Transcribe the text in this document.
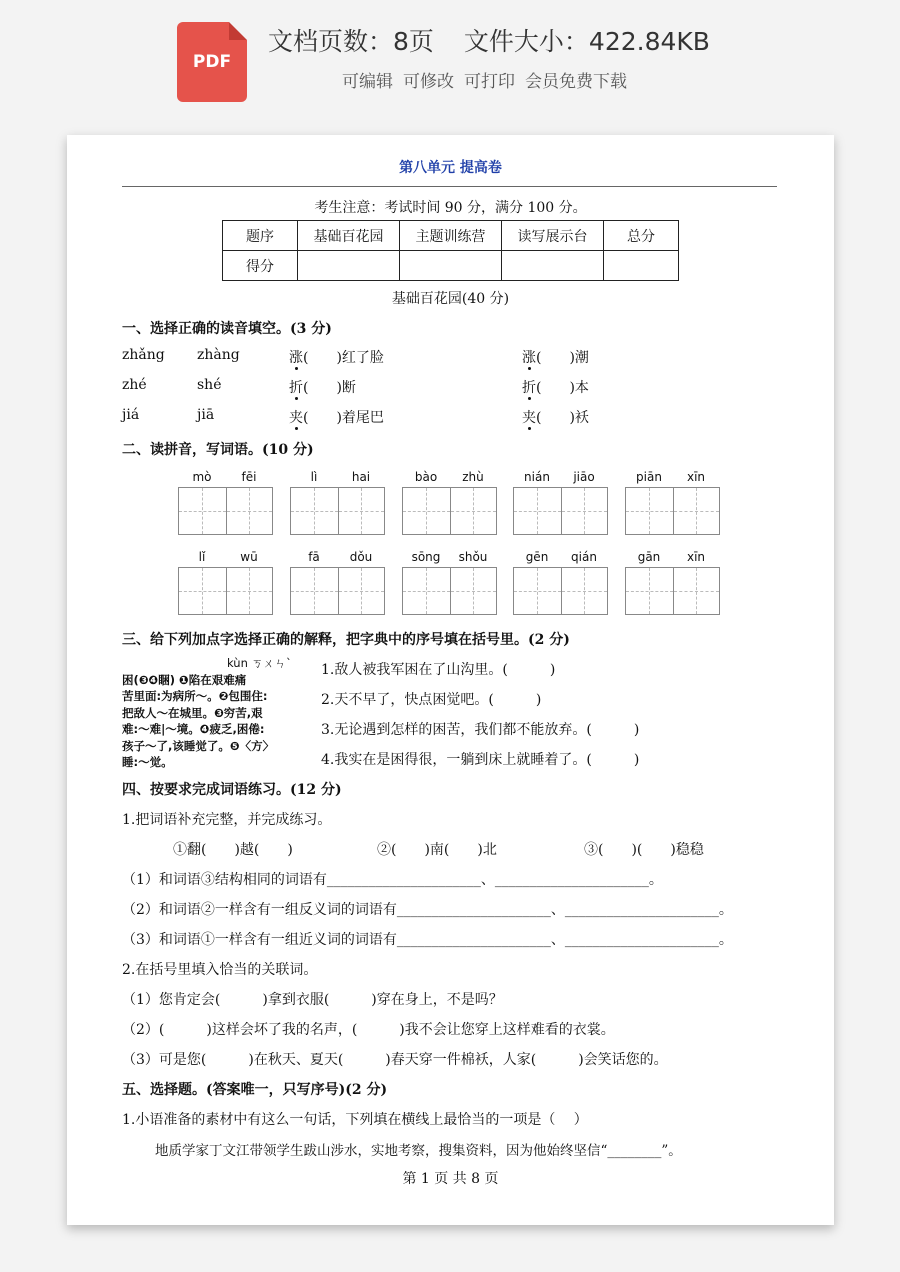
PDF
文档页数：8页 文件大小：422.84KB
可编辑 可修改 可打印 会员免费下载
第八单元 提高卷
考生注意：考试时间 90 分，满分 100 分。
题序	基础百花园	主题训练营	读写展示台	总分
得分				
基础百花园(40 分)
一、选择正确的读音填空。(3 分)
zhǎng zhàng	涨(　　)红了脸	涨(　　)潮
zhé	shé	折(　　)断	折(　　)本
jiá	jiā	夹(　　)着尾巴	夹(　　)袄
二、读拼音，写词语。(10 分)
mò	fēi	lì	hai	bào	zhù	nián	jiāo	piān	xīn
lǐ	wū	fā	dǒu	sōng	shǒu	gēn	qián	gān	xīn
三、给下列加点字选择正确的解释，把字典中的序号填在括号里。(2 分)
kùn ㄎㄨㄣˋ
困(❸❹睏) ❶陷在艰难痛
苦里面:为病所～。❷包围住:
把敌人～在城里。❸穷苦,艰
难:～难|～境。❹疲乏,困倦:
孩子～了,该睡觉了。❺〈方〉
睡:～觉。
1.敌人被我军困在了山沟里。(　　　)
2.天不早了，快点困觉吧。(　　　)
3.无论遇到怎样的困苦，我们都不能放弃。(　　　)
4.我实在是困得很，一躺到床上就睡着了。(　　　)
四、按要求完成词语练习。(12 分)
1.把词语补充完整，并完成练习。
①翻(　　)越(　　)	②(　　)南(　　)北	③(　　)(　　)稳稳
（1）和词语③结构相同的词语有______________________、______________________。
（2）和词语②一样含有一组反义词的词语有______________________、______________________。
（3）和词语①一样含有一组近义词的词语有______________________、______________________。
2.在括号里填入恰当的关联词。
（1）您肯定会(　　　)拿到衣服(　　　)穿在身上，不是吗？
（2）(　　　)这样会坏了我的名声，(　　　)我不会让您穿上这样难看的衣裳。
（3）可是您(　　　)在秋天、夏天(　　　)春天穿一件棉袄，人家(　　　)会笑话您的。
五、选择题。(答案唯一，只写序号)(2 分)
1.小语准备的素材中有这么一句话，下列填在横线上最恰当的一项是（　 ）
地质学家丁文江带领学生跋山涉水，实地考察，搜集资料，因为他始终坚信“________”。
第 1 页 共 8 页
